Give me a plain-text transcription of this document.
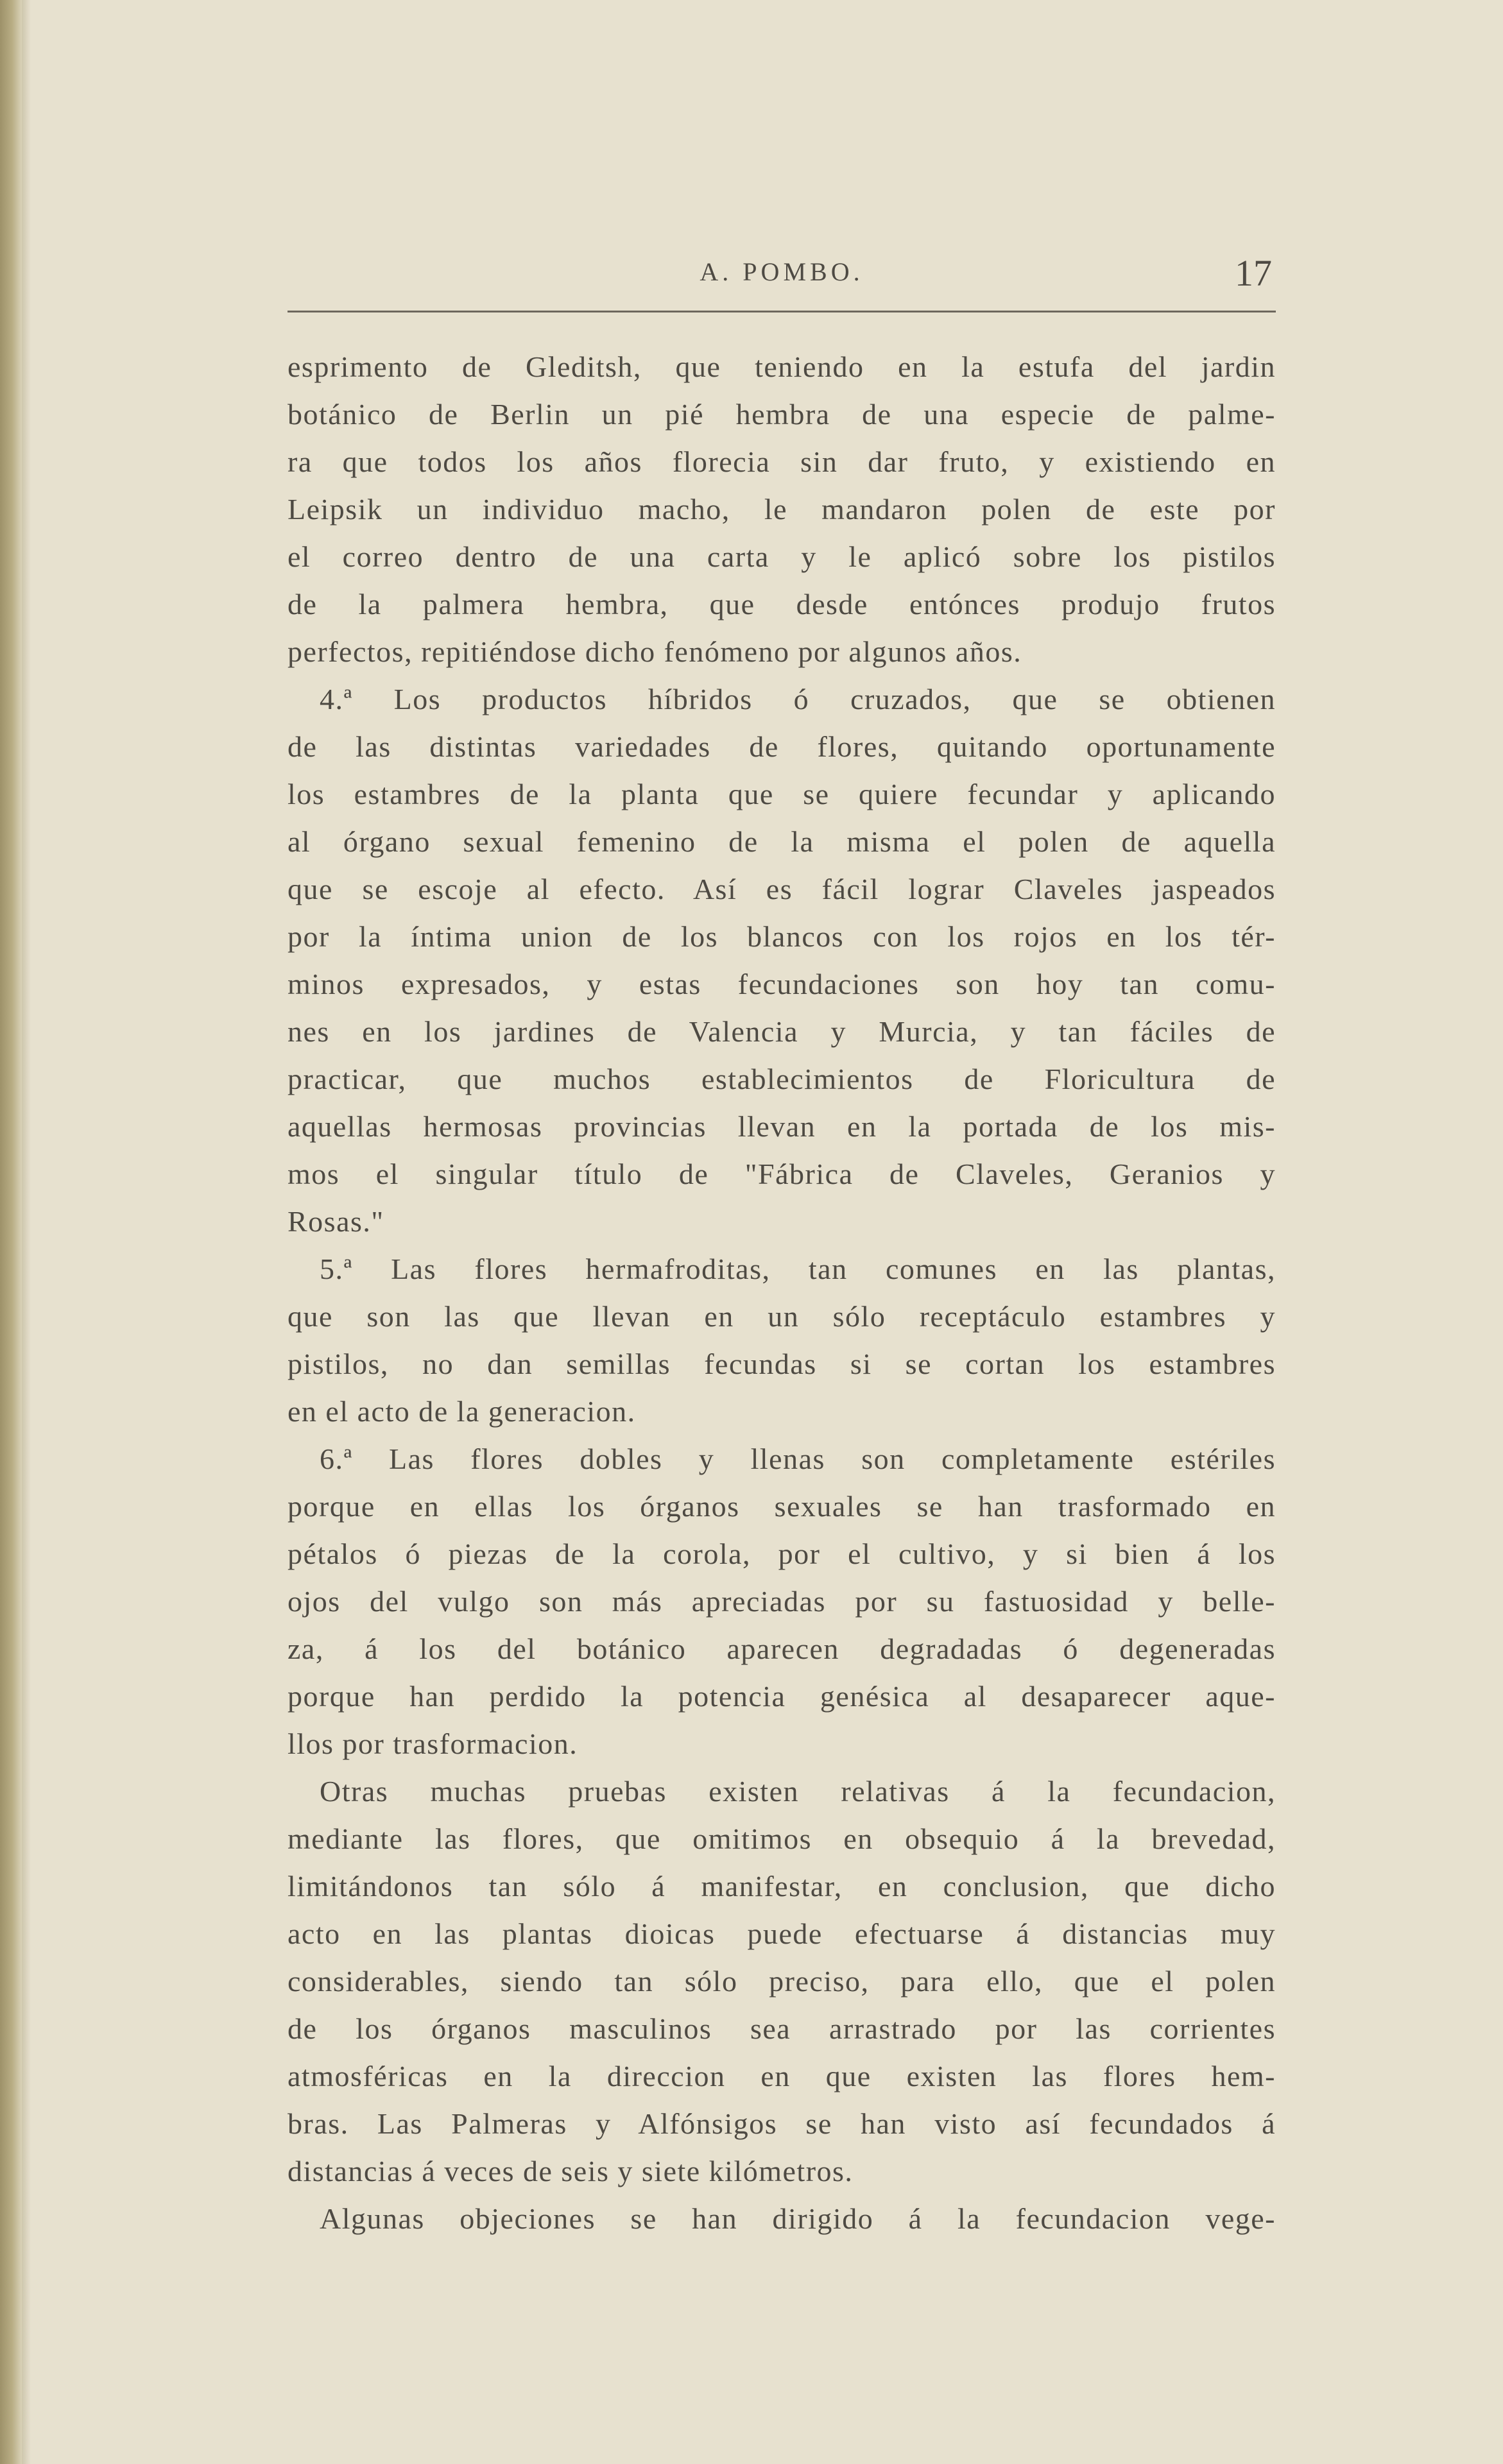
A. POMBO.	17
esprimento de Gleditsh, que teniendo en la estufa del jardin
botánico de Berlin un pié hembra de una especie de palme-
ra que todos los años florecia sin dar fruto, y existiendo en
Leipsik un individuo macho, le mandaron polen de este por
el correo dentro de una carta y le aplicó sobre los pistilos
de la palmera hembra, que desde entónces produjo frutos
perfectos, repitiéndose dicho fenómeno por algunos años.
4.ª Los productos híbridos ó cruzados, que se obtienen
de las distintas variedades de flores, quitando oportunamente
los estambres de la planta que se quiere fecundar y aplicando
al órgano sexual femenino de la misma el polen de aquella
que se escoje al efecto. Así es fácil lograr Claveles jaspeados
por la íntima union de los blancos con los rojos en los tér-
minos expresados, y estas fecundaciones son hoy tan comu-
nes en los jardines de Valencia y Murcia, y tan fáciles de
practicar, que muchos establecimientos de Floricultura de
aquellas hermosas provincias llevan en la portada de los mis-
mos el singular título de "Fábrica de Claveles, Geranios y
Rosas."
5.ª Las flores hermafroditas, tan comunes en las plantas,
que son las que llevan en un sólo receptáculo estambres y
pistilos, no dan semillas fecundas si se cortan los estambres
en el acto de la generacion.
6.ª Las flores dobles y llenas son completamente estériles
porque en ellas los órganos sexuales se han trasformado en
pétalos ó piezas de la corola, por el cultivo, y si bien á los
ojos del vulgo son más apreciadas por su fastuosidad y belle-
za, á los del botánico aparecen degradadas ó degeneradas
porque han perdido la potencia genésica al desaparecer aque-
llos por trasformacion.
Otras muchas pruebas existen relativas á la fecundacion,
mediante las flores, que omitimos en obsequio á la brevedad,
limitándonos tan sólo á manifestar, en conclusion, que dicho
acto en las plantas dioicas puede efectuarse á distancias muy
considerables, siendo tan sólo preciso, para ello, que el polen
de los órganos masculinos sea arrastrado por las corrientes
atmosféricas en la direccion en que existen las flores hem-
bras. Las Palmeras y Alfónsigos se han visto así fecundados á
distancias á veces de seis y siete kilómetros.
Algunas objeciones se han dirigido á la fecundacion vege-
